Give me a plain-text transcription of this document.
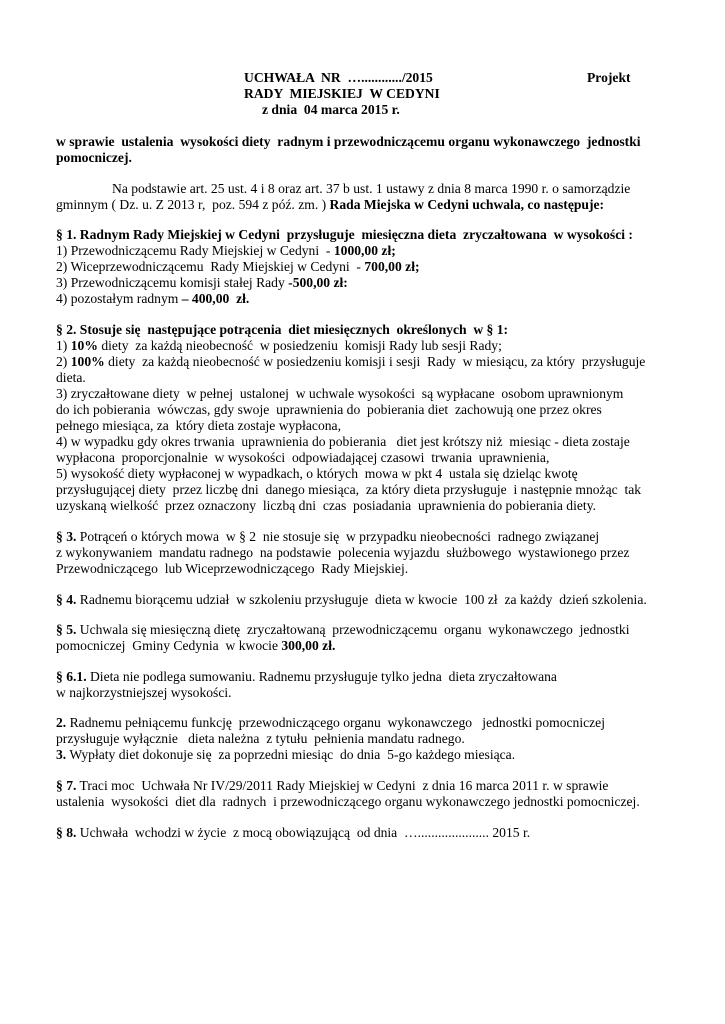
UCHWAŁA  NR  …............/2015	Projekt
RADY  MIEJSKIEJ  W CEDYNI
z dnia  04 marca 2015 r.
w sprawie  ustalenia  wysokości diety  radnym i przewodniczącemu organu wykonawczego  jednostki
pomocniczej.
Na podstawie art. 25 ust. 4 i 8 oraz art. 37 b ust. 1 ustawy z dnia 8 marca 1990 r. o samorządzie
gminnym ( Dz. u. Z 2013 r,  poz. 594 z póź. zm. ) Rada Miejska w Cedyni uchwala, co następuje:
§ 1. Radnym Rady Miejskiej w Cedyni  przysługuje  miesięczna dieta  zryczałtowana  w wysokości :
1) Przewodniczącemu Rady Miejskiej w Cedyni  - 1000,00 zł;
2) Wiceprzewodniczącemu  Rady Miejskiej w Cedyni  - 700,00 zł;
3) Przewodniczącemu komisji stałej Rady -500,00 zł:
4) pozostałym radnym – 400,00  zł.
§ 2. Stosuje się  następujące potrącenia  diet miesięcznych  określonych  w § 1:
1) 10% diety  za każdą nieobecność  w posiedzeniu  komisji Rady lub sesji Rady;
2) 100% diety  za każdą nieobecność w posiedzeniu komisji i sesji  Rady  w miesiącu, za który  przysługuje
dieta.
3) zryczałtowane diety  w pełnej  ustalonej  w uchwale wysokości  są wypłacane  osobom uprawnionym
do ich pobierania  wówczas, gdy swoje  uprawnienia do  pobierania diet  zachowują one przez okres
pełnego miesiąca, za  który dieta zostaje wypłacona,
4) w wypadku gdy okres trwania  uprawnienia do pobierania   diet jest krótszy niż  miesiąc - dieta zostaje
wypłacona  proporcjonalnie  w wysokości  odpowiadającej czasowi  trwania  uprawnienia,
5) wysokość diety wypłaconej w wypadkach, o których  mowa w pkt 4  ustala się dzieląc kwotę
przysługującej diety  przez liczbę dni  danego miesiąca,  za który dieta przysługuje  i następnie mnożąc  tak
uzyskaną wielkość  przez oznaczony  liczbą dni  czas  posiadania  uprawnienia do pobierania diety.
§ 3. Potrąceń o których mowa  w § 2  nie stosuje się  w przypadku nieobecności  radnego związanej
z wykonywaniem  mandatu radnego  na podstawie  polecenia wyjazdu  służbowego  wystawionego przez
Przewodniczącego  lub Wiceprzewodniczącego  Rady Miejskiej.
§ 4. Radnemu biorącemu udział  w szkoleniu przysługuje  dieta w kwocie  100 zł  za każdy  dzień szkolenia.
§ 5. Uchwala się miesięczną dietę  zryczałtowaną  przewodniczącemu  organu  wykonawczego  jednostki
pomocniczej  Gminy Cedynia  w kwocie 300,00 zł.
§ 6.1. Dieta nie podlega sumowaniu. Radnemu przysługuje tylko jedna  dieta zryczałtowana
w najkorzystniejszej wysokości.
2. Radnemu pełniącemu funkcję  przewodniczącego organu  wykonawczego   jednostki pomocniczej
przysługuje wyłącznie   dieta należna  z tytułu  pełnienia mandatu radnego.
3. Wypłaty diet dokonuje się  za poprzedni miesiąc  do dnia  5-go każdego miesiąca.
§ 7. Traci moc  Uchwała Nr IV/29/2011 Rady Miejskiej w Cedyni  z dnia 16 marca 2011 r. w sprawie
ustalenia  wysokości  diet dla  radnych  i przewodniczącego organu wykonawczego jednostki pomocniczej.
§ 8. Uchwała  wchodzi w życie  z mocą obowiązującą  od dnia  …..................... 2015 r.
